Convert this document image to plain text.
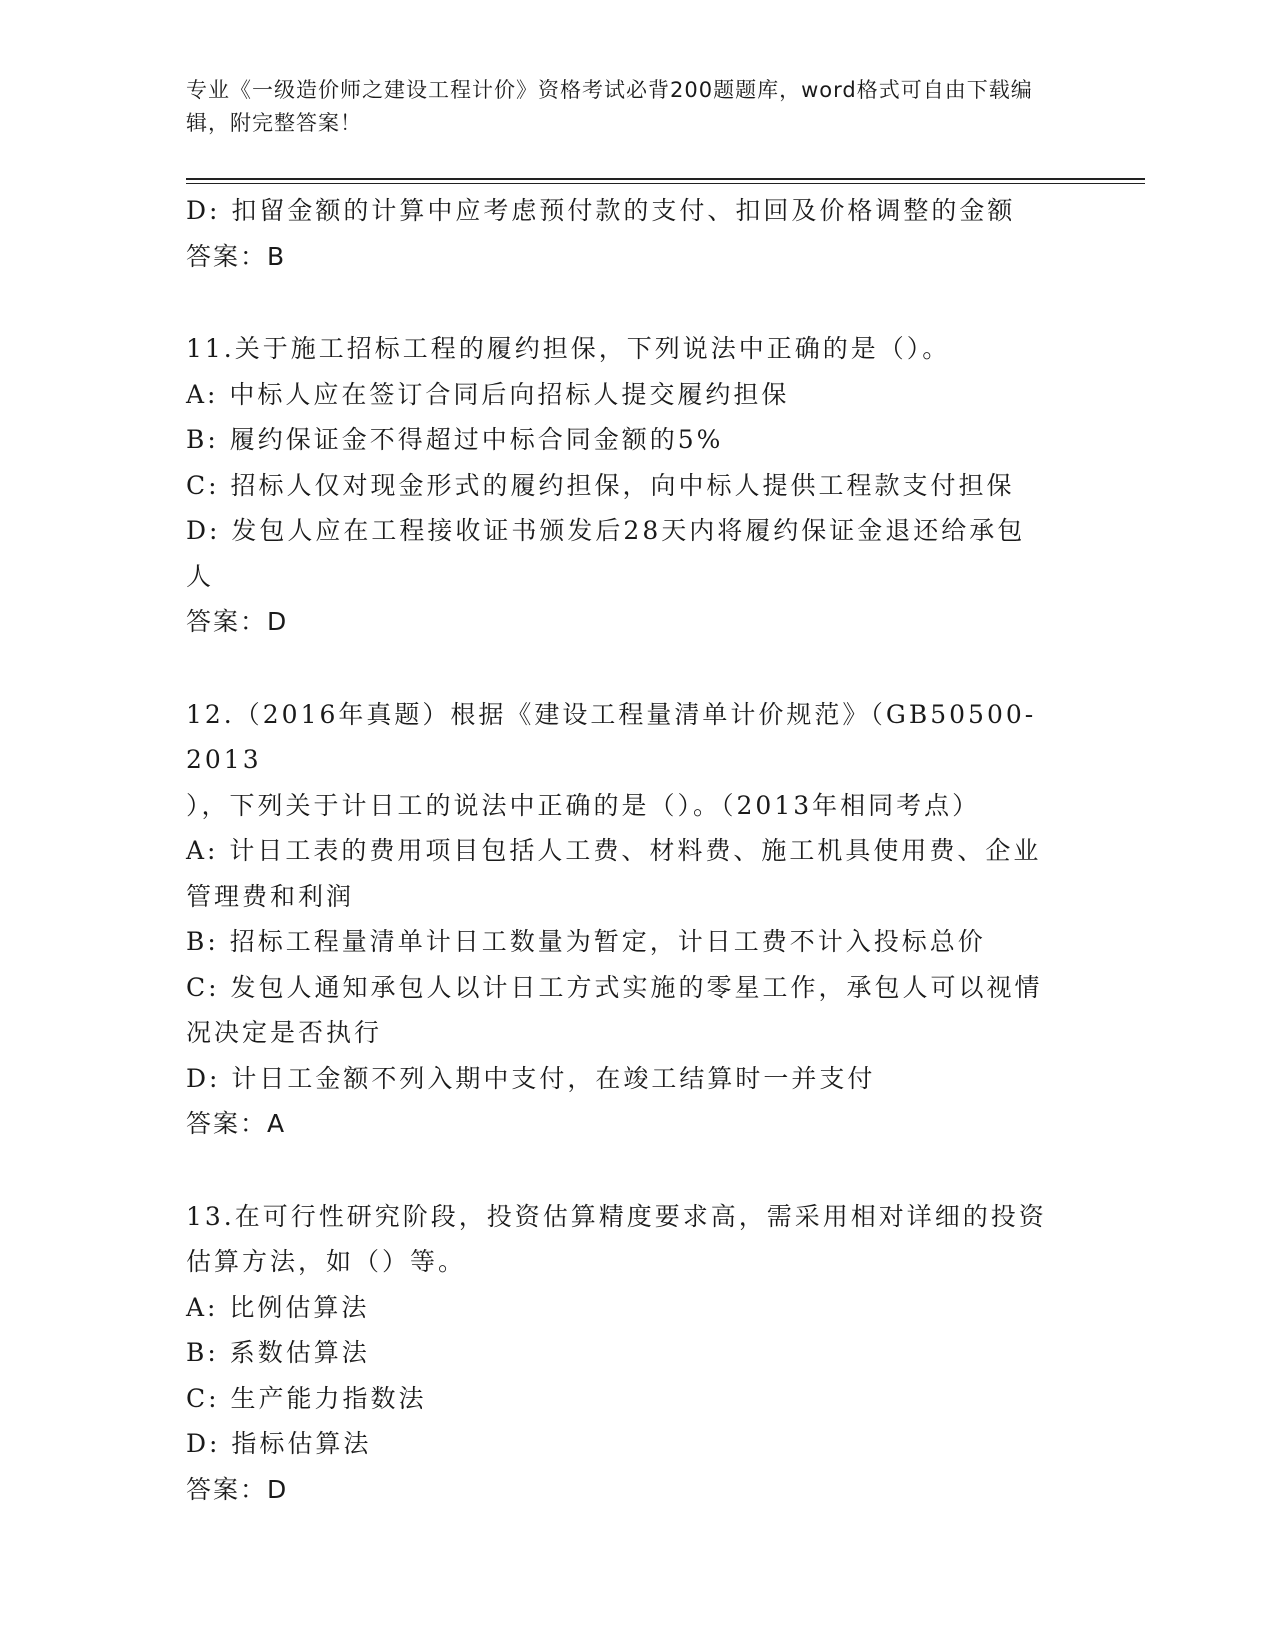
专业《一级造价师之建设工程计价》资格考试必背200题题库，word格式可自由下载编辑，附完整答案！

D: 扣留金额的计算中应考虑预付款的支付、扣回及价格调整的金额

答案：B

11.关于施工招标工程的履约担保，下列说法中正确的是（）。

A: 中标人应在签订合同后向招标人提交履约担保

B: 履约保证金不得超过中标合同金额的5%

C: 招标人仅对现金形式的履约担保，向中标人提供工程款支付担保

D: 发包人应在工程接收证书颁发后28天内将履约保证金退还给承包

人

答案：D

12.（2016年真题）根据《建设工程量清单计价规范》（GB50500-2013

），下列关于计日工的说法中正确的是（）。（2013年相同考点）

A: 计日工表的费用项目包括人工费、材料费、施工机具使用费、企业

管理费和利润

B: 招标工程量清单计日工数量为暂定，计日工费不计入投标总价

C: 发包人通知承包人以计日工方式实施的零星工作，承包人可以视情

况决定是否执行

D: 计日工金额不列入期中支付，在竣工结算时一并支付

答案：A

13.在可行性研究阶段，投资估算精度要求高，需采用相对详细的投资

估算方法，如（）等。

A: 比例估算法

B: 系数估算法

C: 生产能力指数法

D: 指标估算法

答案：D
